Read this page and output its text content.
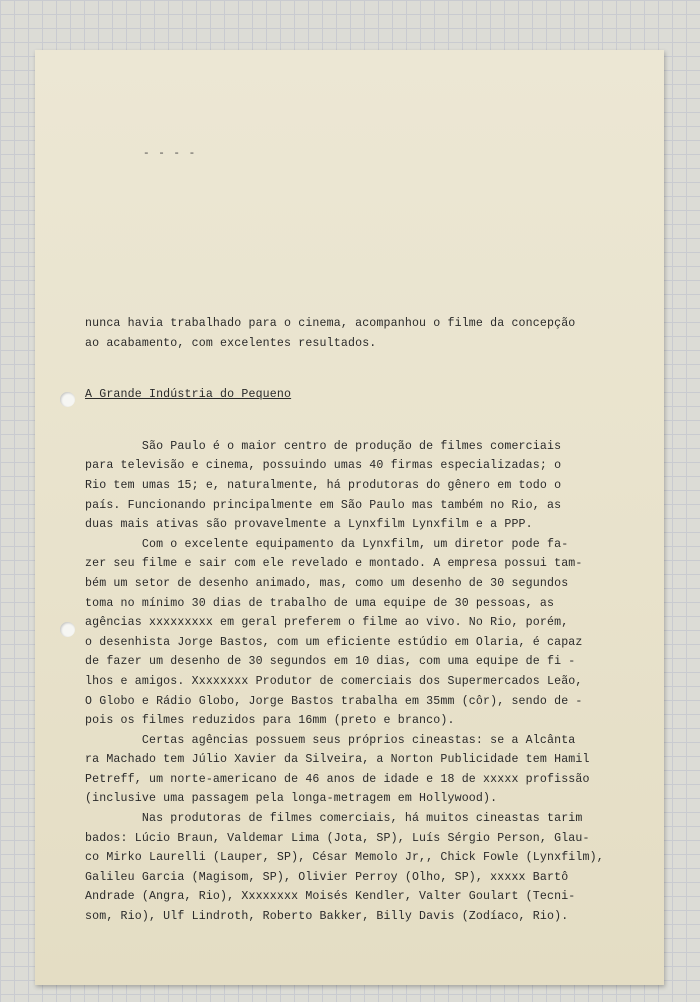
- - - -
nunca havia trabalhado para o cinema, acompanhou o filme da concepção
ao acabamento, com excelentes resultados.
A Grande Indústria do Pequeno
São Paulo é o maior centro de produção de filmes comerciais
para televisão e cinema, possuindo umas 40 firmas especializadas; o
Rio tem umas 15; e, naturalmente, há produtoras do gênero em todo o
país. Funcionando principalmente em São Paulo mas também no Rio, as
duas mais ativas são provavelmente a Lynxfilm Lynxfilm e a PPP.
Com o excelente equipamento da Lynxfilm, um diretor pode fa-
zer seu filme e sair com ele revelado e montado. A empresa possui tam-
bém um setor de desenho animado, mas, como um desenho de 30 segundos
toma no mínimo 30 dias de trabalho de uma equipe de 30 pessoas, as
agências xxxxxxxxx em geral preferem o filme ao vivo. No Rio, porém,
o desenhista Jorge Bastos, com um eficiente estúdio em Olaria, é capaz
de fazer um desenho de 30 segundos em 10 dias, com uma equipe de fi -
lhos e amigos. Xxxxxxxx Produtor de comerciais dos Supermercados Leão,
O Globo e Rádio Globo, Jorge Bastos trabalha em 35mm (côr), sendo de -
pois os filmes reduzidos para 16mm (preto e branco).
Certas agências possuem seus próprios cineastas: se a Alcânta
ra Machado tem Júlio Xavier da Silveira, a Norton Publicidade tem Hamil
Petreff, um norte-americano de 46 anos de idade e 18 de xxxxx profissão
(inclusive uma passagem pela longa-metragem em Hollywood).
Nas produtoras de filmes comerciais, há muitos cineastas tarim
bados: Lúcio Braun, Valdemar Lima (Jota, SP), Luís Sérgio Person, Glau-
co Mirko Laurelli (Lauper, SP), César Memolo Jr,, Chick Fowle (Lynxfilm),
Galileu Garcia (Magisom, SP), Olivier Perroy (Olho, SP), xxxxx Bartô
Andrade (Angra, Rio), Xxxxxxxx Moisés Kendler, Valter Goulart (Tecni-
som, Rio), Ulf Lindroth, Roberto Bakker, Billy Davis (Zodíaco, Rio).
